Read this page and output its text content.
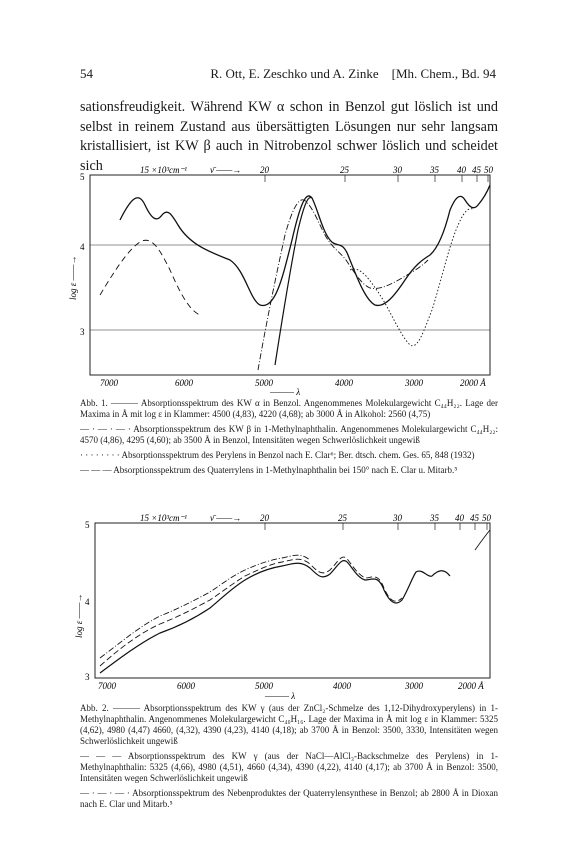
54	R. Ott, E. Zeschko und A. Zinke    [Mh. Chem., Bd. 94
sationsfreudigkeit. Während KW α schon in Benzol gut löslich ist und selbst in reinem Zustand aus übersättigten Lösungen nur sehr langsam kristallisiert, ist KW β auch in Nitrobenzol schwer löslich und scheidet sich	15 ×10³cm⁻¹	ν̄ ——→ 20	25	30	35 40 45 50
5
4
3
log ε ——→
7000	6000	5000	4000	3000	2000 Å
——— λ

Abb. 1. ——— Absorptionsspektrum des KW α in Benzol. Angenommenes Molekulargewicht C₄₄H₂₂. Lage der Maxima in Å mit log ε in Klammer: 4500 (4,83), 4220 (4,68); ab 3000 Å in Alkohol: 2560 (4,75)

— · — · — · Absorptionsspektrum des KW β in 1-Methylnaphthalin. Angenommenes Molekulargewicht C₄₄H₂₂: 4570 (4,86), 4295 (4,60); ab 3500 Å in Benzol, Intensitäten wegen Schwerlöslichkeit ungewiß

· · · · · · · · Absorptionsspektrum des Perylens in Benzol nach E. Clar⁶; Ber. dtsch. chem. Ges. 65, 848 (1932)

— — — Absorptionsspektrum des Quaterrylens in 1-Methylnaphthalin bei 150° nach E. Clar u. Mitarb.⁵

15 ×10³cm⁻¹	ν̄ ——→ 20	25	30	35 40 45 50
5
4
3
log ε ——→
7000	6000	5000	4000	3000	2000 Å
——— λ

Abb. 2. ——— Absorptionsspektrum des KW γ (aus der ZnCl₂-Schmelze des 1,12-Dihydroxyperylens) in 1-Methylnaphthalin. Angenommenes Molekulargewicht C₄₀H₁₆. Lage der Maxima in Å mit log ε in Klammer: 5325 (4,62), 4980 (4,47) 4660, (4,32), 4390 (4,23), 4140 (4,18); ab 3700 Å in Benzol: 3500, 3330, Intensitäten wegen Schwerlöslichkeit ungewiß

— — — Absorptionsspektrum des KW γ (aus der NaCl—AlCl₃-Backschmelze des Perylens) in 1-Methylnaphthalin: 5325 (4,66), 4980 (4,51), 4660 (4,34), 4390 (4,22), 4140 (4,17); ab 3700 Å in Benzol: 3500, Intensitäten wegen Schwerlöslichkeit ungewiß

— · — · — · Absorptionsspektrum des Nebenproduktes der Quaterrylensynthese in Benzol; ab 2800 Å in Dioxan nach E. Clar und Mitarb.⁵
